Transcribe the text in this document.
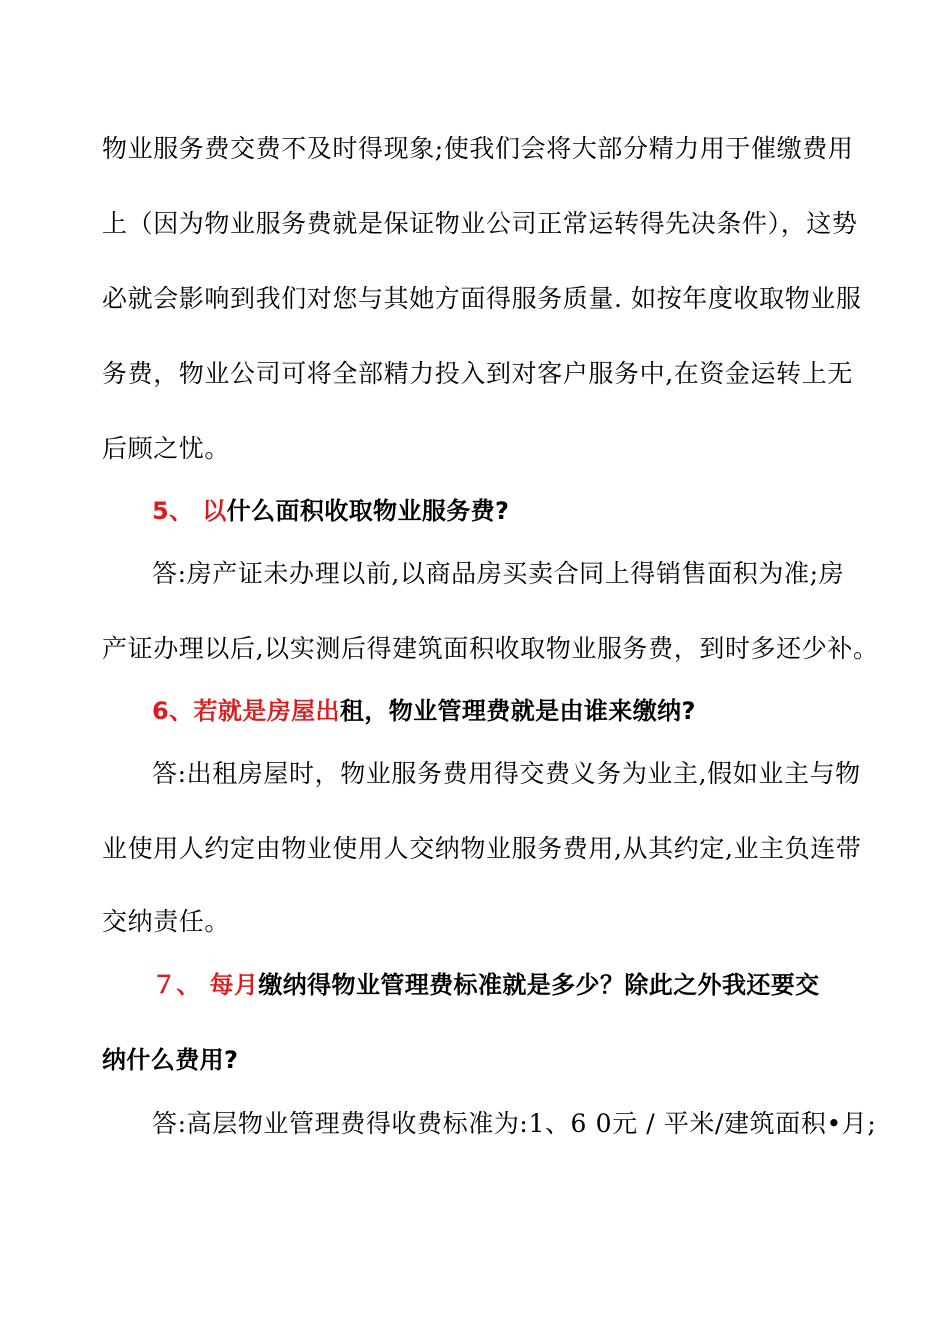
物业服务费交费不及时得现象;使我们会将大部分精力用于催缴费用
上（因为物业服务费就是保证物业公司正常运转得先决条件），这势
必就会影响到我们对您与其她方面得服务质量. 如按年度收取物业服
务费，物业公司可将全部精力投入到对客户服务中,在资金运转上无
后顾之忧。
5、 以什么面积收取物业服务费?
答:房产证未办理以前,以商品房买卖合同上得销售面积为准;房
产证办理以后,以实测后得建筑面积收取物业服务费，到时多还少补。
6、若就是房屋出租，物业管理费就是由谁来缴纳?
答:出租房屋时，物业服务费用得交费义务为业主,假如业主与物
业使用人约定由物业使用人交纳物业服务费用,从其约定,业主负连带
交纳责任。
７、 每月缴纳得物业管理费标准就是多少？除此之外我还要交
纳什么费用?
答:高层物业管理费得收费标准为:1、6 0元 / 平米/建筑面积•月;
